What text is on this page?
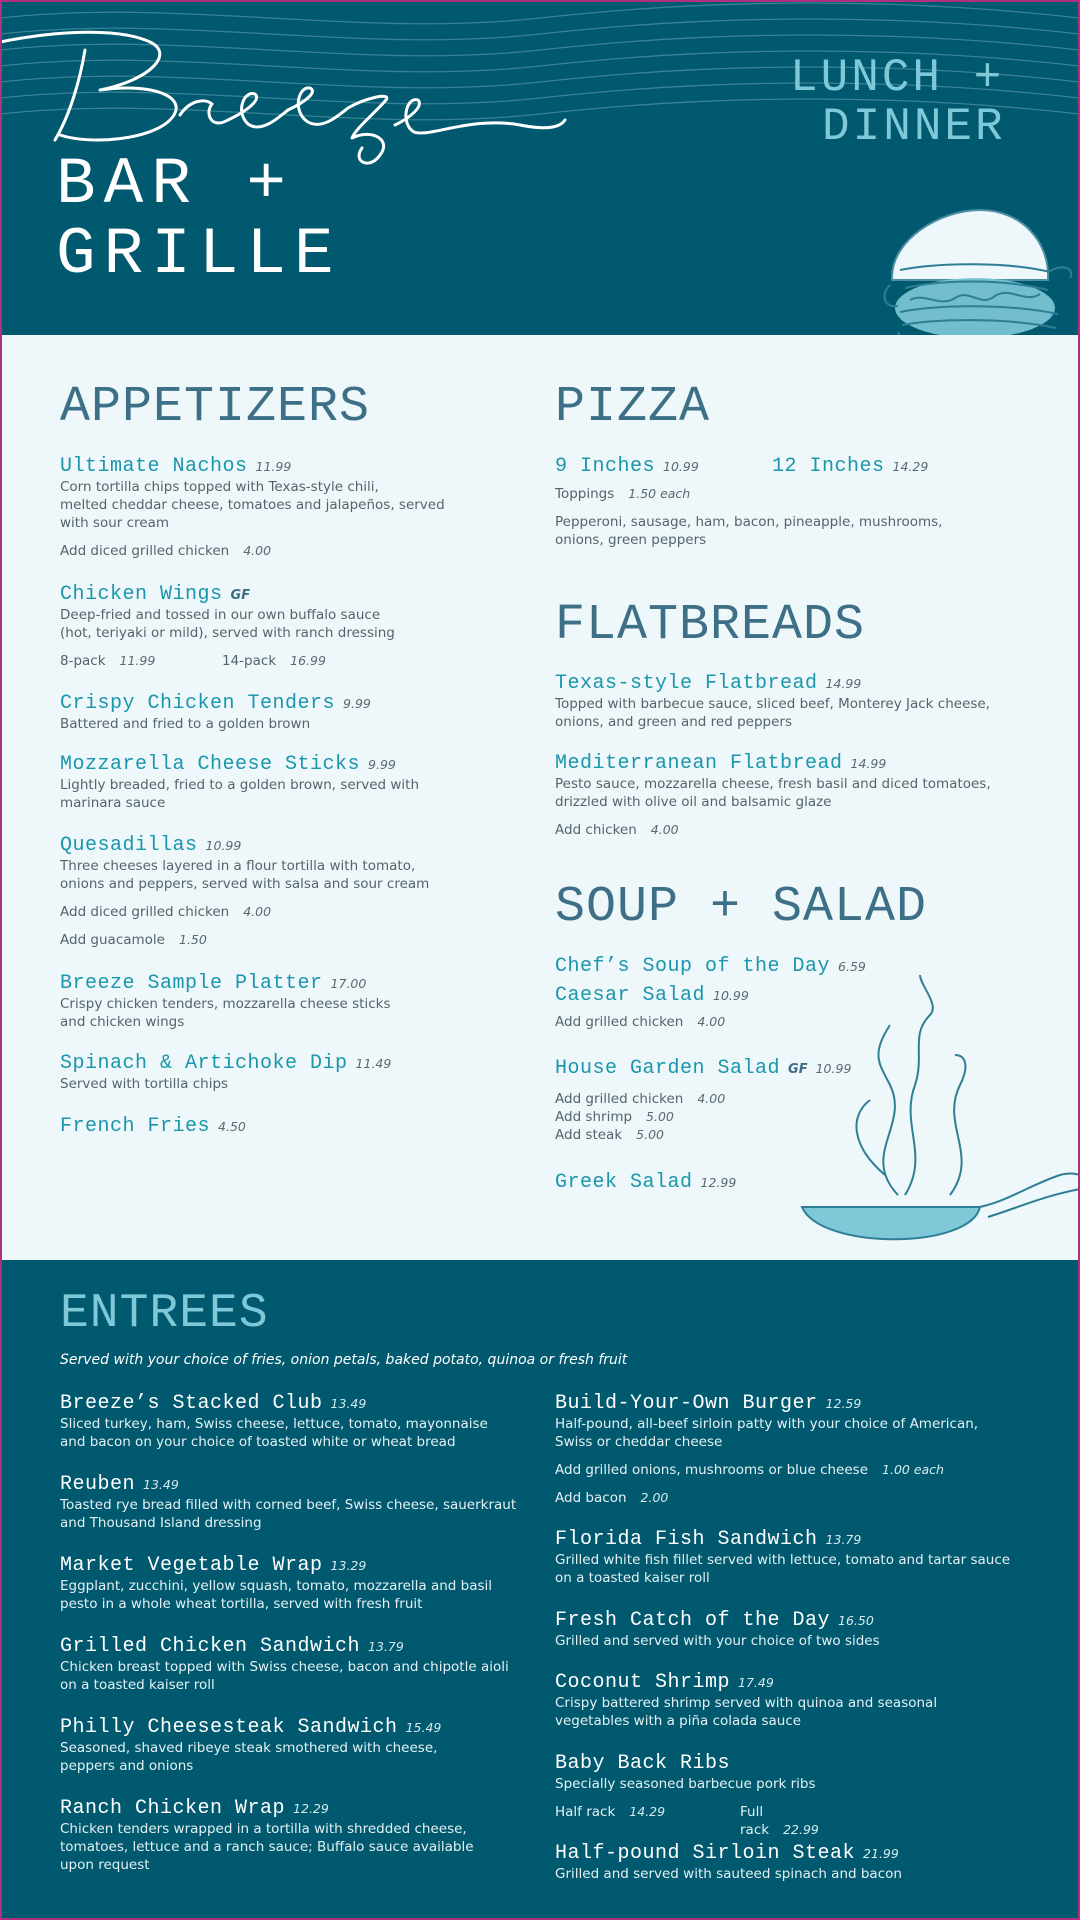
BAR +
GRILLE
LUNCH +
DINNER
APPETIZERS
Ultimate Nachos 11.99
Corn tortilla chips topped with Texas-style chili,
melted cheddar cheese, tomatoes and jalapeños, served
with sour cream
Add diced grilled chicken 4.00
Chicken Wings GF
Deep-fried and tossed in our own buffalo sauce
(hot, teriyaki or mild), served with ranch dressing
8-pack 11.99	14-pack 16.99
Crispy Chicken Tenders 9.99
Battered and fried to a golden brown
Mozzarella Cheese Sticks 9.99
Lightly breaded, fried to a golden brown, served with
marinara sauce
Quesadillas 10.99
Three cheeses layered in a flour tortilla with tomato,
onions and peppers, served with salsa and sour cream
Add diced grilled chicken 4.00
Add guacamole 1.50
Breeze Sample Platter 17.00
Crispy chicken tenders, mozzarella cheese sticks
and chicken wings
Spinach & Artichoke Dip 11.49
Served with tortilla chips
French Fries 4.50
PIZZA
9 Inches 10.99	12 Inches 14.29
Toppings 1.50 each
Pepperoni, sausage, ham, bacon, pineapple, mushrooms,
onions, green peppers
FLATBREADS
Texas-style Flatbread 14.99
Topped with barbecue sauce, sliced beef, Monterey Jack cheese,
onions, and green and red peppers
Mediterranean Flatbread 14.99
Pesto sauce, mozzarella cheese, fresh basil and diced tomatoes,
drizzled with olive oil and balsamic glaze
Add chicken 4.00
SOUP + SALAD
Chef’s Soup of the Day 6.59
Caesar Salad 10.99
Add grilled chicken 4.00
House Garden Salad GF 10.99
Add grilled chicken 4.00
Add shrimp 5.00
Add steak 5.00
Greek Salad 12.99
ENTREES
Served with your choice of fries, onion petals, baked potato, quinoa or fresh fruit
Breeze’s Stacked Club 13.49
Sliced turkey, ham, Swiss cheese, lettuce, tomato, mayonnaise
and bacon on your choice of toasted white or wheat bread
Reuben 13.49
Toasted rye bread filled with corned beef, Swiss cheese, sauerkraut
and Thousand Island dressing
Market Vegetable Wrap 13.29
Eggplant, zucchini, yellow squash, tomato, mozzarella and basil
pesto in a whole wheat tortilla, served with fresh fruit
Grilled Chicken Sandwich 13.79
Chicken breast topped with Swiss cheese, bacon and chipotle aioli
on a toasted kaiser roll
Philly Cheesesteak Sandwich 15.49
Seasoned, shaved ribeye steak smothered with cheese,
peppers and onions
Ranch Chicken Wrap 12.29
Chicken tenders wrapped in a tortilla with shredded cheese,
tomatoes, lettuce and a ranch sauce; Buffalo sauce available
upon request
Build-Your-Own Burger 12.59
Half-pound, all-beef sirloin patty with your choice of American,
Swiss or cheddar cheese
Add grilled onions, mushrooms or blue cheese 1.00 each
Add bacon 2.00
Florida Fish Sandwich 13.79
Grilled white fish fillet served with lettuce, tomato and tartar sauce
on a toasted kaiser roll
Fresh Catch of the Day 16.50
Grilled and served with your choice of two sides
Coconut Shrimp 17.49
Crispy battered shrimp served with quinoa and seasonal
vegetables with a piña colada sauce
Baby Back Ribs
Specially seasoned barbecue pork ribs
Half rack 14.29	Full rack 22.99
Half-pound Sirloin Steak 21.99
Grilled and served with sauteed spinach and bacon
